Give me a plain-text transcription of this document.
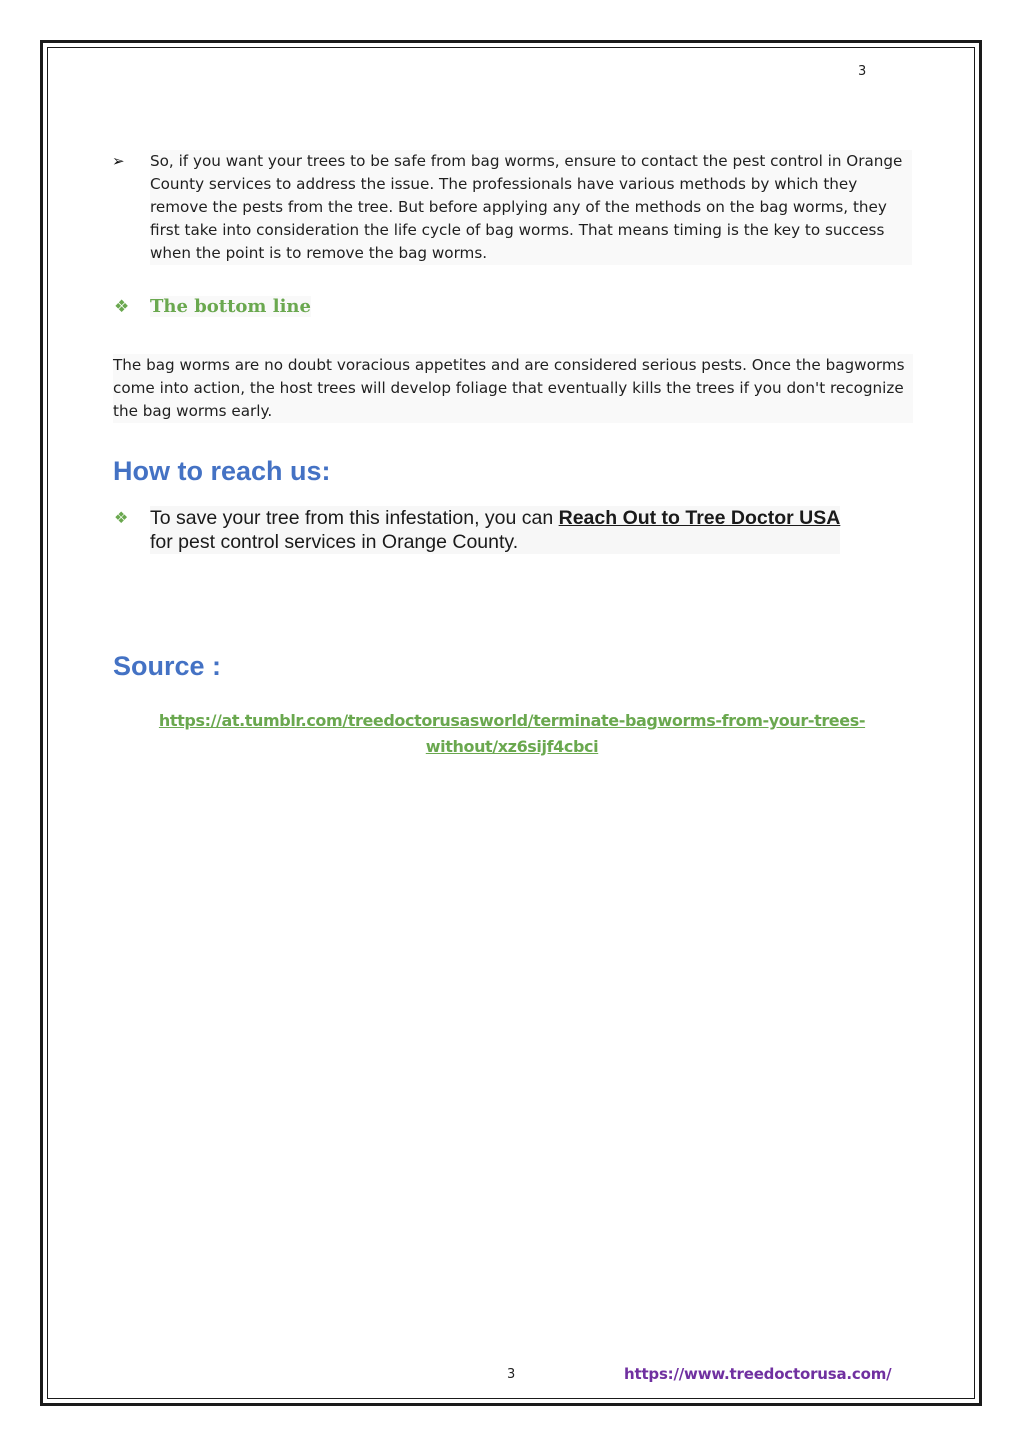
3
➢	So, if you want your trees to be safe from bag worms, ensure to contact the pest control in Orange County services to address the issue. The professionals have various methods by which they remove the pests from the tree. But before applying any of the methods on the bag worms, they first take into consideration the life cycle of bag worms. That means timing is the key to success when the point is to remove the bag worms.
❖	The bottom line
The bag worms are no doubt voracious appetites and are considered serious pests. Once the bagworms come into action, the host trees will develop foliage that eventually kills the trees if you don't recognize the bag worms early.
How to reach us:
❖	To save your tree from this infestation, you can Reach Out to Tree Doctor USA
for pest control services in Orange County.
Source :
https://at.tumblr.com/treedoctorusasworld/terminate-bagworms-from-your-trees-
without/xz6sijf4cbci
3	https://www.treedoctorusa.com/
